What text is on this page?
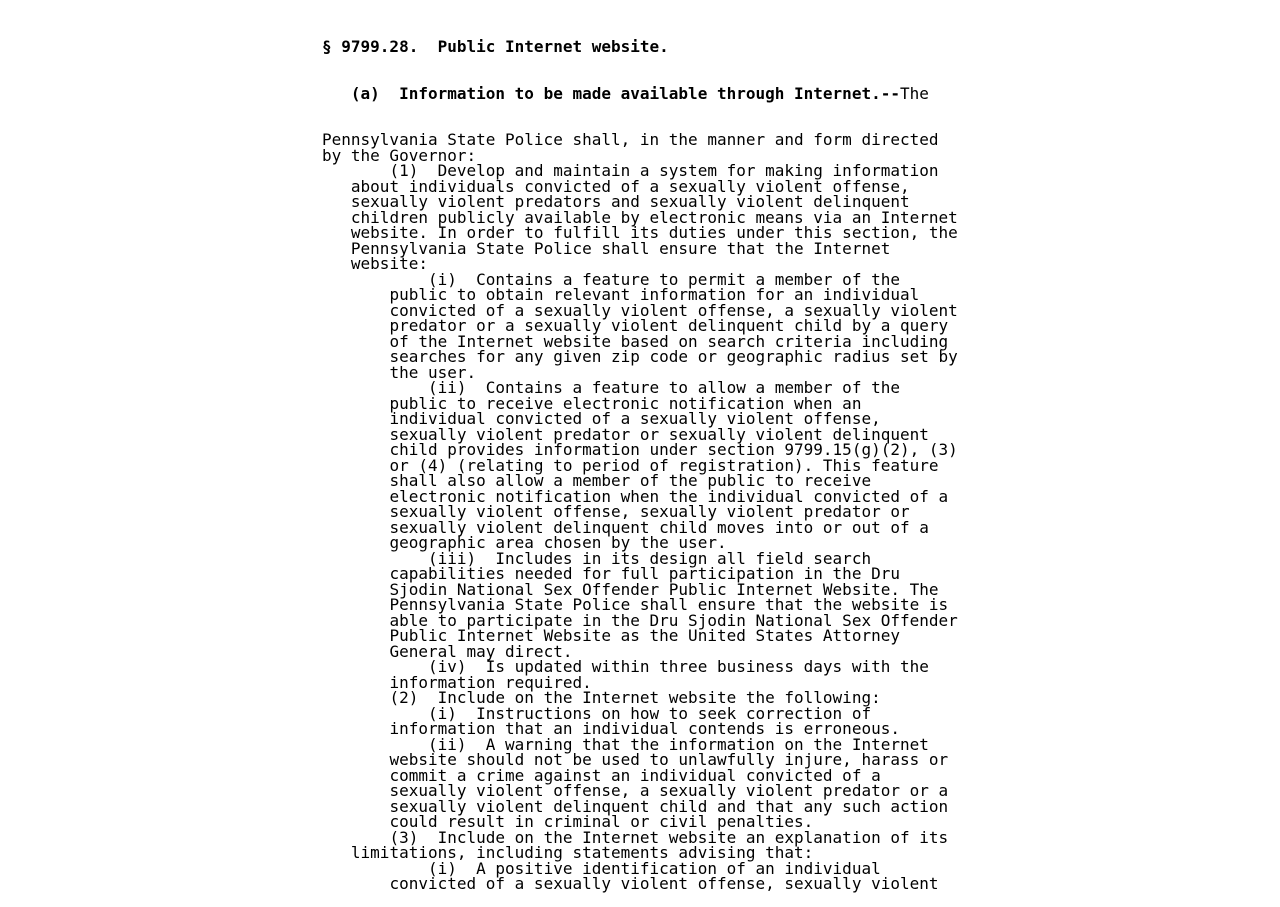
§ 9799.28.  Public Internet website.

(a)  Information to be made available through Internet.--The

Pennsylvania State Police shall, in the manner and form directed
by the Governor:
(1)  Develop and maintain a system for making information
about individuals convicted of a sexually violent offense,
sexually violent predators and sexually violent delinquent
children publicly available by electronic means via an Internet
website. In order to fulfill its duties under this section, the
Pennsylvania State Police shall ensure that the Internet
website:
(i)  Contains a feature to permit a member of the
public to obtain relevant information for an individual
convicted of a sexually violent offense, a sexually violent
predator or a sexually violent delinquent child by a query
of the Internet website based on search criteria including
searches for any given zip code or geographic radius set by
the user.
(ii)  Contains a feature to allow a member of the
public to receive electronic notification when an
individual convicted of a sexually violent offense,
sexually violent predator or sexually violent delinquent
child provides information under section 9799.15(g)(2), (3)
or (4) (relating to period of registration). This feature
shall also allow a member of the public to receive
electronic notification when the individual convicted of a
sexually violent offense, sexually violent predator or
sexually violent delinquent child moves into or out of a
geographic area chosen by the user.
(iii)  Includes in its design all field search
capabilities needed for full participation in the Dru
Sjodin National Sex Offender Public Internet Website. The
Pennsylvania State Police shall ensure that the website is
able to participate in the Dru Sjodin National Sex Offender
Public Internet Website as the United States Attorney
General may direct.
(iv)  Is updated within three business days with the
information required.
(2)  Include on the Internet website the following:
(i)  Instructions on how to seek correction of
information that an individual contends is erroneous.
(ii)  A warning that the information on the Internet
website should not be used to unlawfully injure, harass or
commit a crime against an individual convicted of a
sexually violent offense, a sexually violent predator or a
sexually violent delinquent child and that any such action
could result in criminal or civil penalties.
(3)  Include on the Internet website an explanation of its
limitations, including statements advising that:
(i)  A positive identification of an individual
convicted of a sexually violent offense, sexually violent
